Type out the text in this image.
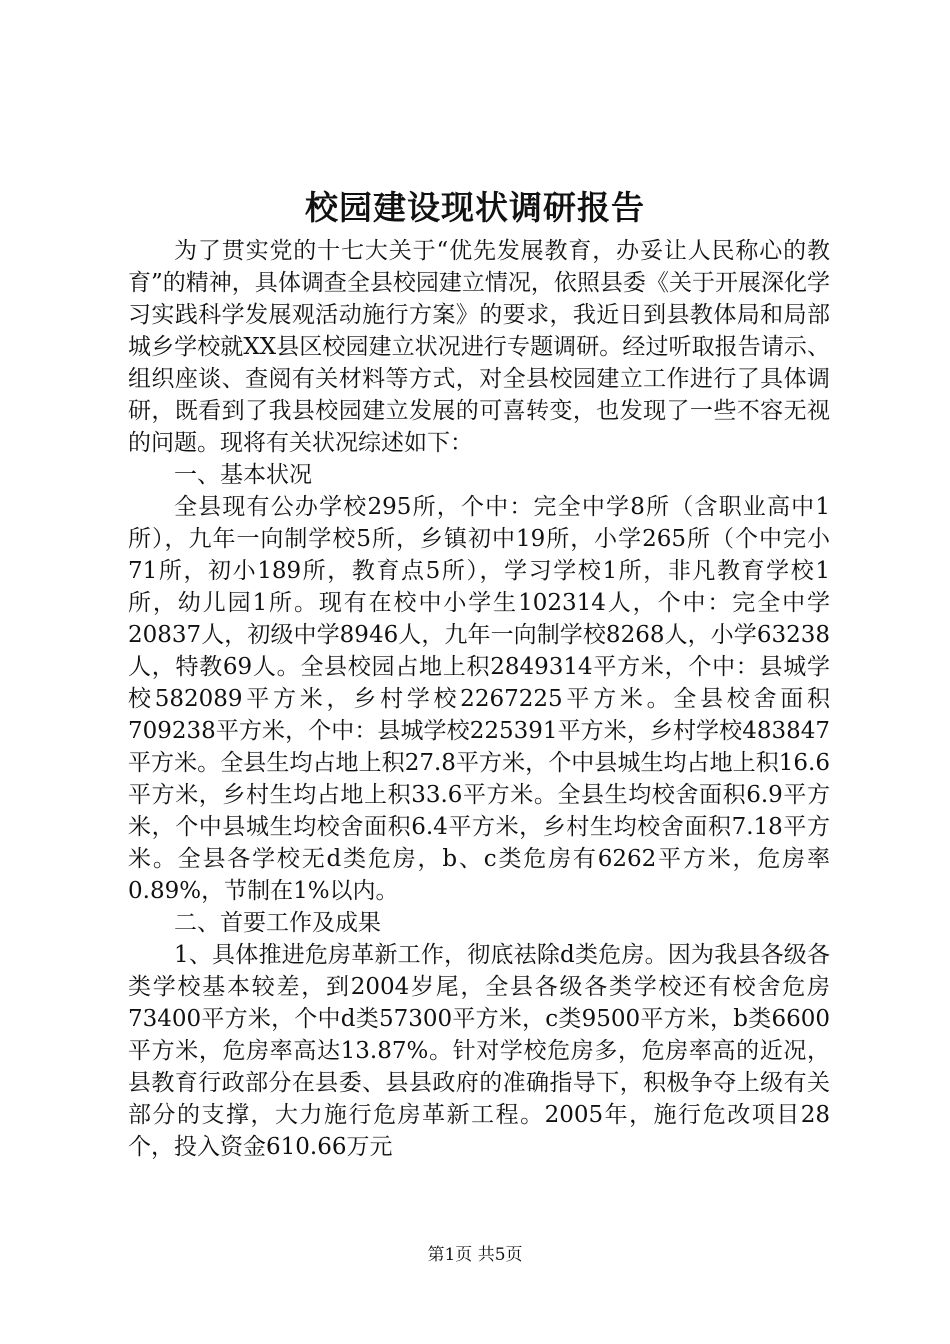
校园建设现状调研报告

为了贯实党的十七大关于“优先发展教育，办妥让人民称心的教育”的精神，具体调查全县校园建立情况，依照县委《关于开展深化学习实践科学发展观活动施行方案》的要求，我近日到县教体局和局部城乡学校就XX县区校园建立状况进行专题调研。经过听取报告请示、组织座谈、查阅有关材料等方式，对全县校园建立工作进行了具体调研，既看到了我县校园建立发展的可喜转变，也发现了一些不容无视的问题。现将有关状况综述如下：

一、基本状况

全县现有公办学校295所，个中：完全中学8所（含职业高中1所），九年一向制学校5所，乡镇初中19所，小学265所（个中完小71所，初小189所，教育点5所），学习学校1所，非凡教育学校1所，幼儿园1所。现有在校中小学生102314人，个中：完全中学20837人，初级中学8946人，九年一向制学校8268人，小学63238人，特教69人。全县校园占地上积2849314平方米，个中：县城学校582089平方米，乡村学校2267225平方米。全县校舍面积709238平方米，个中：县城学校225391平方米，乡村学校483847平方米。全县生均占地上积27.8平方米，个中县城生均占地上积16.6平方米，乡村生均占地上积33.6平方米。全县生均校舍面积6.9平方米，个中县城生均校舍面积6.4平方米，乡村生均校舍面积7.18平方米。全县各学校无d类危房，b、c类危房有6262平方米，危房率0.89%，节制在1%以内。

二、首要工作及成果

1、具体推进危房革新工作，彻底祛除d类危房。因为我县各级各类学校基本较差，到2004岁尾，全县各级各类学校还有校舍危房73400平方米，个中d类57300平方米，c类9500平方米，b类6600平方米，危房率高达13.87%。针对学校危房多，危房率高的近况，县教育行政部分在县委、县县政府的准确指导下，积极争夺上级有关部分的支撑，大力施行危房革新工程。2005年，施行危改项目28个，投入资金610.66万元

第1页 共5页
